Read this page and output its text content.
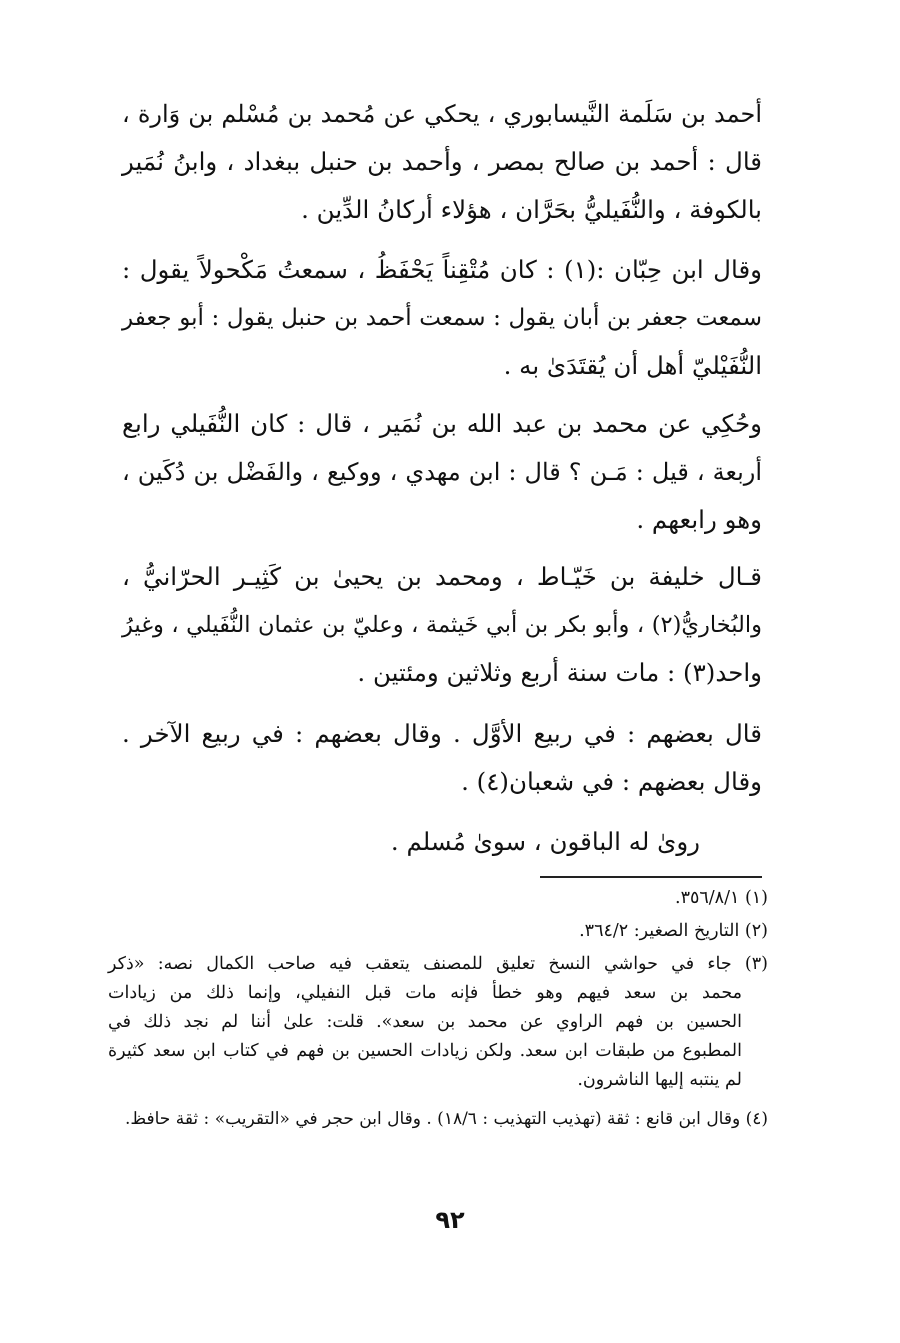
أحمد بن سَلَمة النَّيسابوري ، يحكي عن مُحمد بن مُسْلم بن وَارة ،
قال : أحمد بن صالح بمصر ، وأحمد بن حنبل ببغداد ، وابنُ نُمَير
بالكوفة ، والنُّفَيليُّ بحَرَّان ، هؤلاء أركانُ الدِّين .
وقال ابن حِبّان :(١) : كان مُتْقِناً يَحْفَظُ ، سمعتُ مَكْحولاً يقول :
سمعت جعفر بن أبان يقول : سمعت أحمد بن حنبل يقول : أبو جعفر
النُّفَيْليّ أهل أن يُقتَدَىٰ به .
وحُكِي عن محمد بن عبد الله بن نُمَير ، قال : كان النُّفَيلي رابع
أربعة ، قيل : مَـن ؟ قال : ابن مهدي ، ووكيع ، والفَضْل بن دُكَين ،
وهو رابعهم .
قـال خليفة بن خَيّـاط ، ومحمد بن يحيىٰ بن كَثِيـر الحرّانيُّ ،
والبُخاريُّ(٢) ، وأبو بكر بن أبي خَيثمة ، وعليّ بن عثمان النُّفَيلي ، وغيرُ
واحد(٣) : مات سنة أربع وثلاثين ومئتين .
قال بعضهم : في ربيع الأوَّل . وقال بعضهم : في ربيع الآخر .
وقال بعضهم : في شعبان(٤) .
روىٰ له الباقون ، سوىٰ مُسلم .
(١) ٣٥٦/٨/١.
(٢) التاريخ الصغير: ٣٦٤/٢.
(٣) جاء في حواشي النسخ تعليق للمصنف يتعقب فيه صاحب الكمال نصه: «ذكر
محمد بن سعد فيهم وهو خطأ فإنه مات قبل النفيلي، وإنما ذلك من زيادات
الحسين بن فهم الراوي عن محمد بن سعد». قلت: علىٰ أننا لم نجد ذلك في
المطبوع من طبقات ابن سعد. ولكن زيادات الحسين بن فهم في كتاب ابن سعد كثيرة
لم ينتبه إليها الناشرون.
(٤) وقال ابن قانع : ثقة (تهذيب التهذيب : ١٨/٦) . وقال ابن حجر في «التقريب» : ثقة حافظ.
٩٢
